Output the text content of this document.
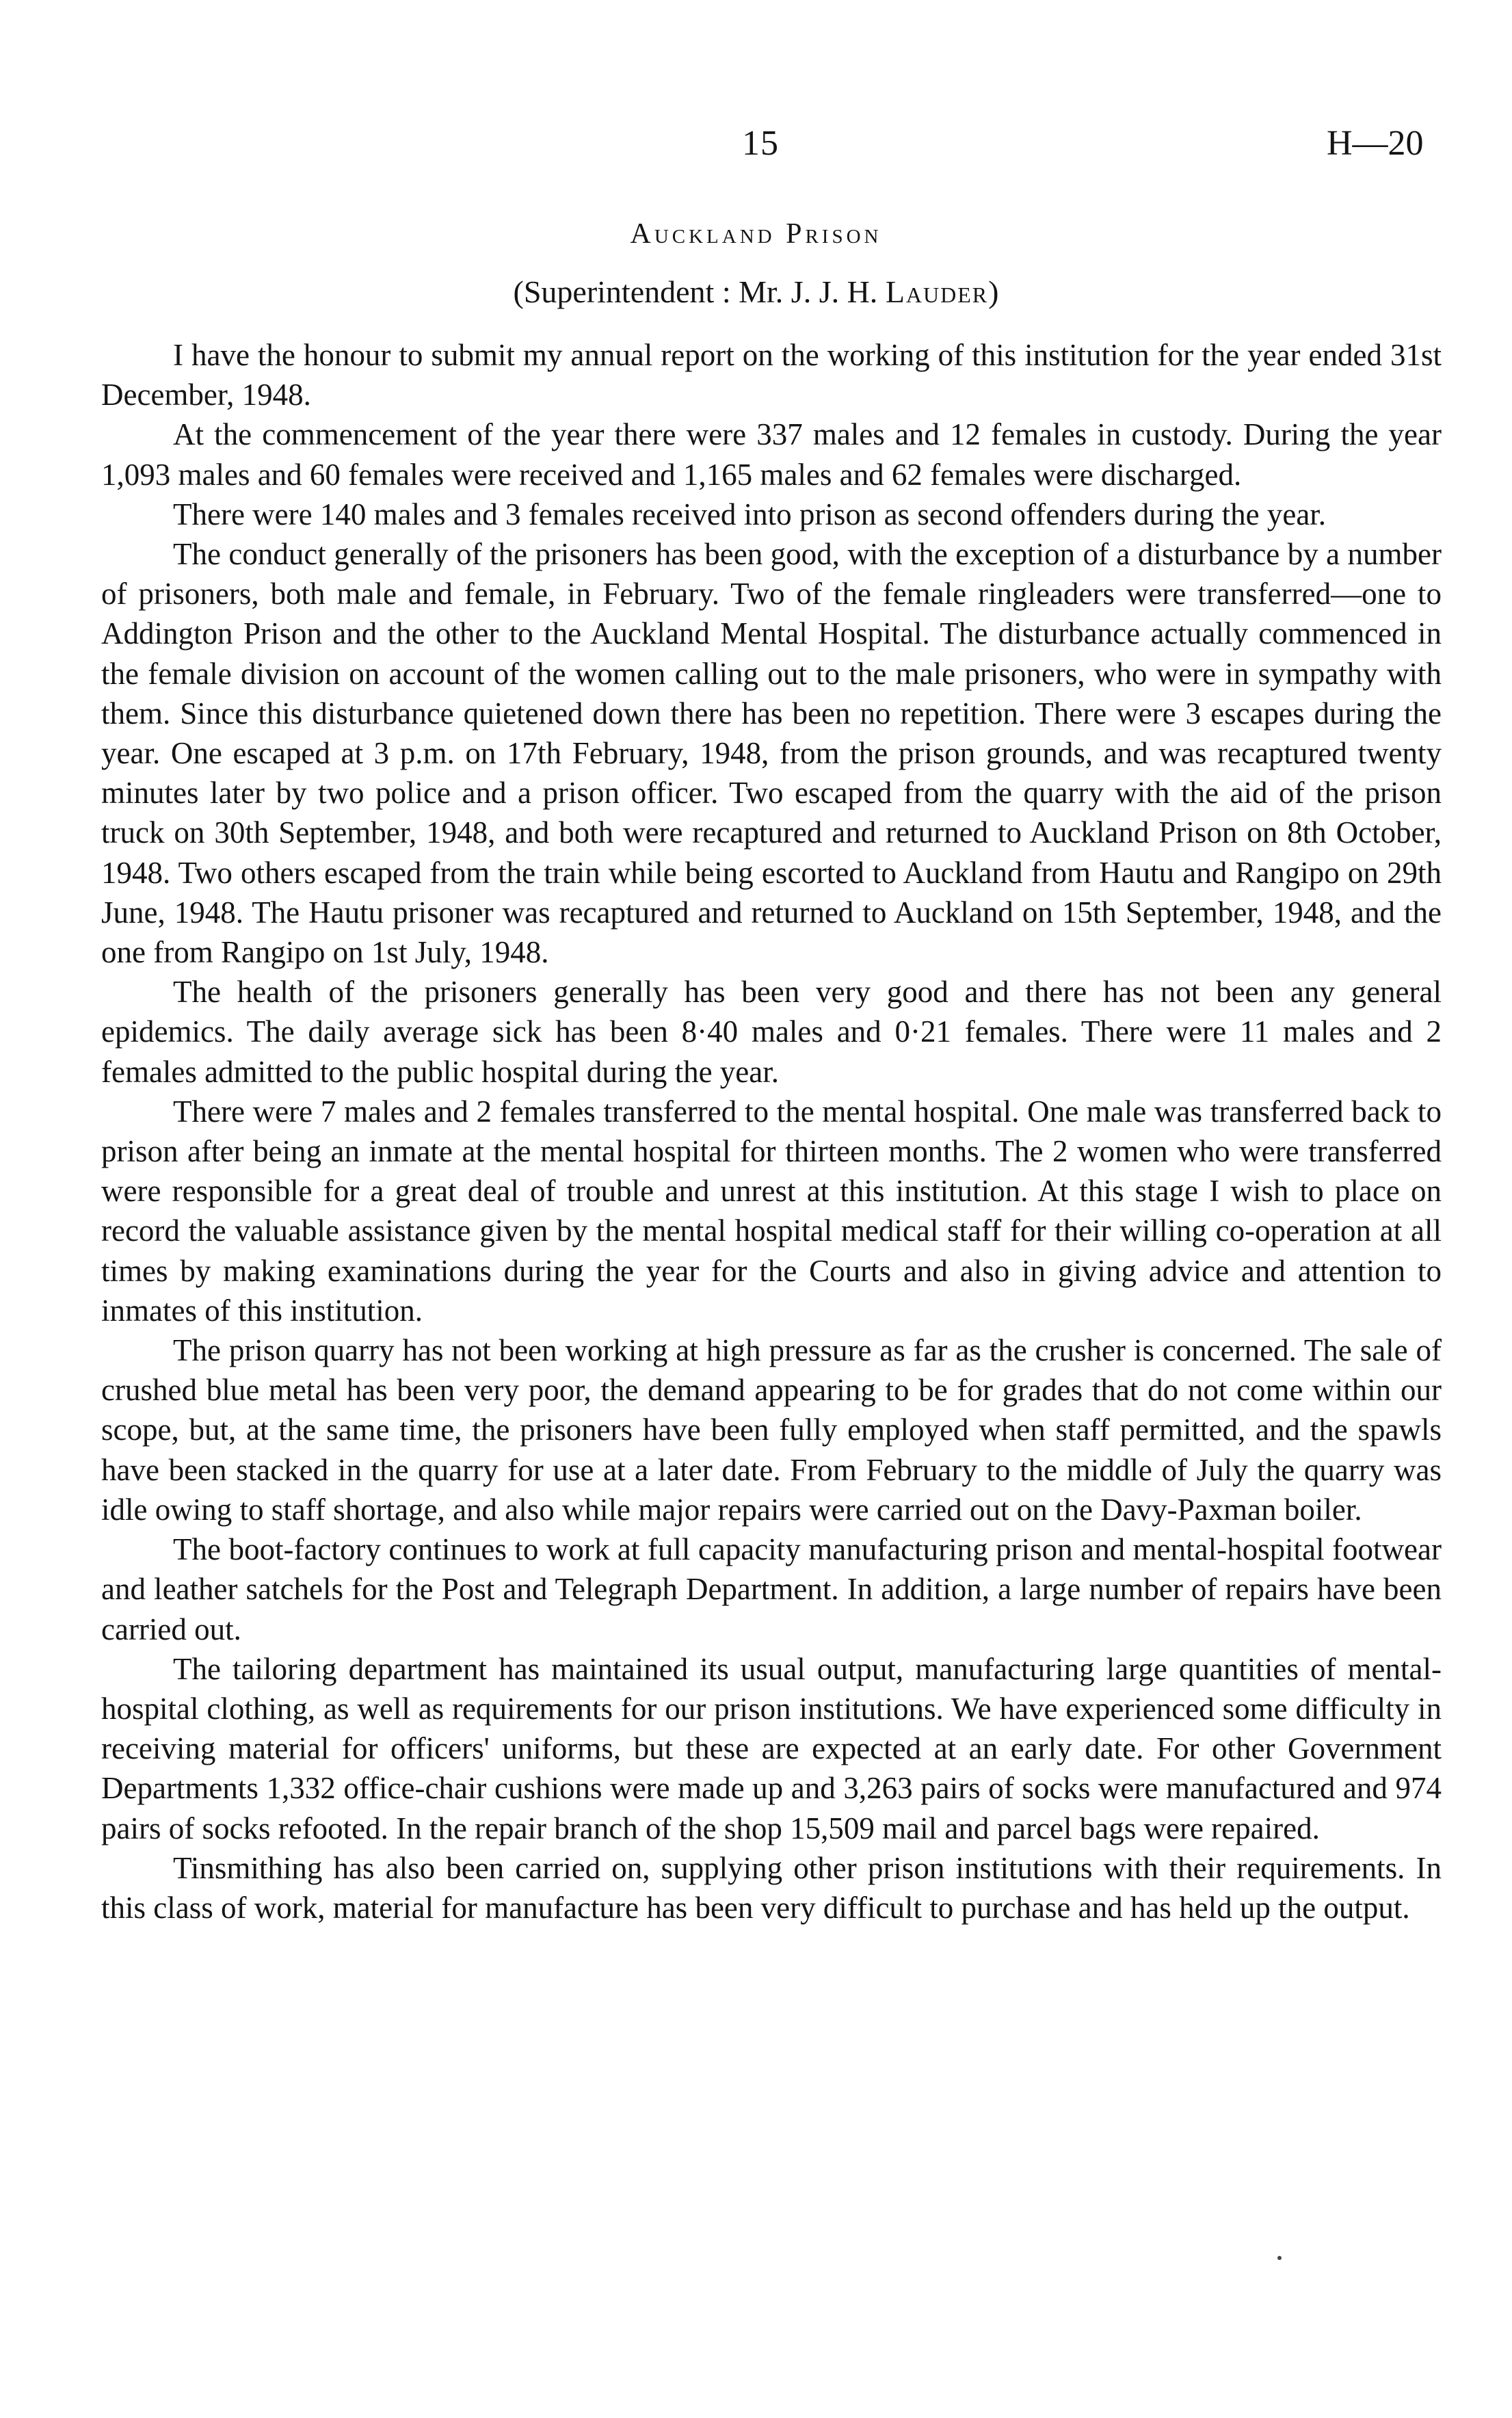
15	H—20
Auckland Prison
(Superintendent : Mr. J. J. H. Lauder)

I have the honour to submit my annual report on the working of this institution for the year ended 31st December, 1948.

At the commencement of the year there were 337 males and 12 females in custody. During the year 1,093 males and 60 females were received and 1,165 males and 62 females were discharged.

There were 140 males and 3 females received into prison as second offenders during the year.

The conduct generally of the prisoners has been good, with the exception of a disturbance by a number of prisoners, both male and female, in February. Two of the female ringleaders were transferred—one to Addington Prison and the other to the Auckland Mental Hospital. The disturbance actually commenced in the female division on account of the women calling out to the male prisoners, who were in sympathy with them. Since this disturbance quietened down there has been no repetition. There were 3 escapes during the year. One escaped at 3 p.m. on 17th February, 1948, from the prison grounds, and was recaptured twenty minutes later by two police and a prison officer. Two escaped from the quarry with the aid of the prison truck on 30th September, 1948, and both were recaptured and returned to Auckland Prison on 8th October, 1948. Two others escaped from the train while being escorted to Auckland from Hautu and Rangipo on 29th June, 1948. The Hautu prisoner was recaptured and returned to Auckland on 15th September, 1948, and the one from Rangipo on 1st July, 1948.

The health of the prisoners generally has been very good and there has not been any general epidemics. The daily average sick has been 8·40 males and 0·21 females. There were 11 males and 2 females admitted to the public hospital during the year.

There were 7 males and 2 females transferred to the mental hospital. One male was transferred back to prison after being an inmate at the mental hospital for thirteen months. The 2 women who were transferred were responsible for a great deal of trouble and unrest at this institution. At this stage I wish to place on record the valuable assistance given by the mental hospital medical staff for their willing co-operation at all times by making examinations during the year for the Courts and also in giving advice and attention to inmates of this institution.

The prison quarry has not been working at high pressure as far as the crusher is concerned. The sale of crushed blue metal has been very poor, the demand appearing to be for grades that do not come within our scope, but, at the same time, the prisoners have been fully employed when staff permitted, and the spawls have been stacked in the quarry for use at a later date. From February to the middle of July the quarry was idle owing to staff shortage, and also while major repairs were carried out on the Davy-Paxman boiler.

The boot-factory continues to work at full capacity manufacturing prison and mental-hospital footwear and leather satchels for the Post and Telegraph Department. In addition, a large number of repairs have been carried out.

The tailoring department has maintained its usual output, manufacturing large quantities of mental-hospital clothing, as well as requirements for our prison institutions. We have experienced some difficulty in receiving material for officers' uniforms, but these are expected at an early date. For other Government Departments 1,332 office-chair cushions were made up and 3,263 pairs of socks were manufactured and 974 pairs of socks refooted. In the repair branch of the shop 15,509 mail and parcel bags were repaired.

Tinsmithing has also been carried on, supplying other prison institutions with their requirements. In this class of work, material for manufacture has been very difficult to purchase and has held up the output.
